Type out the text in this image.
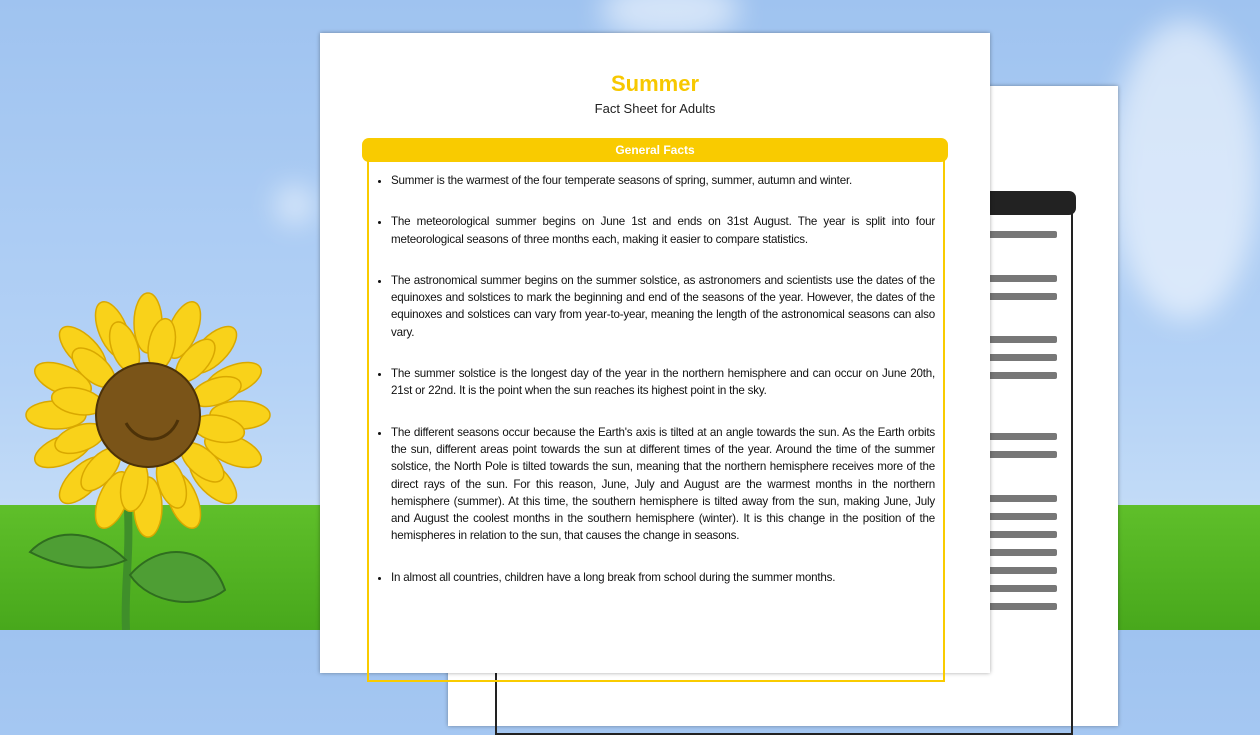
Summer
Fact Sheet for Adults
General Facts
• Summer is the warmest of the four temperate seasons of spring, summer, autumn and winter.
• The meteorological summer begins on June 1st and ends on 31st August. The year is split into four meteorological seasons of three months each, making it easier to compare statistics.
• The astronomical summer begins on the summer solstice, as astronomers and scientists use the dates of the equinoxes and solstices to mark the beginning and end of the seasons of the year. However, the dates of the equinoxes and solstices can vary from year-to-year, meaning the length of the astronomical seasons can also vary.
• The summer solstice is the longest day of the year in the northern hemisphere and can occur on June 20th, 21st or 22nd. It is the point when the sun reaches its highest point in the sky.
• The different seasons occur because the Earth's axis is tilted at an angle towards the sun. As the Earth orbits the sun, different areas point towards the sun at different times of the year. Around the time of the summer solstice, the North Pole is tilted towards the sun, meaning that the northern hemisphere receives more of the direct rays of the sun. For this reason, June, July and August are the warmest months in the northern hemisphere (summer). At this time, the southern hemisphere is tilted away from the sun, making June, July and August the coolest months in the southern hemisphere (winter). It is this change in the position of the hemispheres in relation to the sun, that causes the change in seasons.
• In almost all countries, children have a long break from school during the summer months.
